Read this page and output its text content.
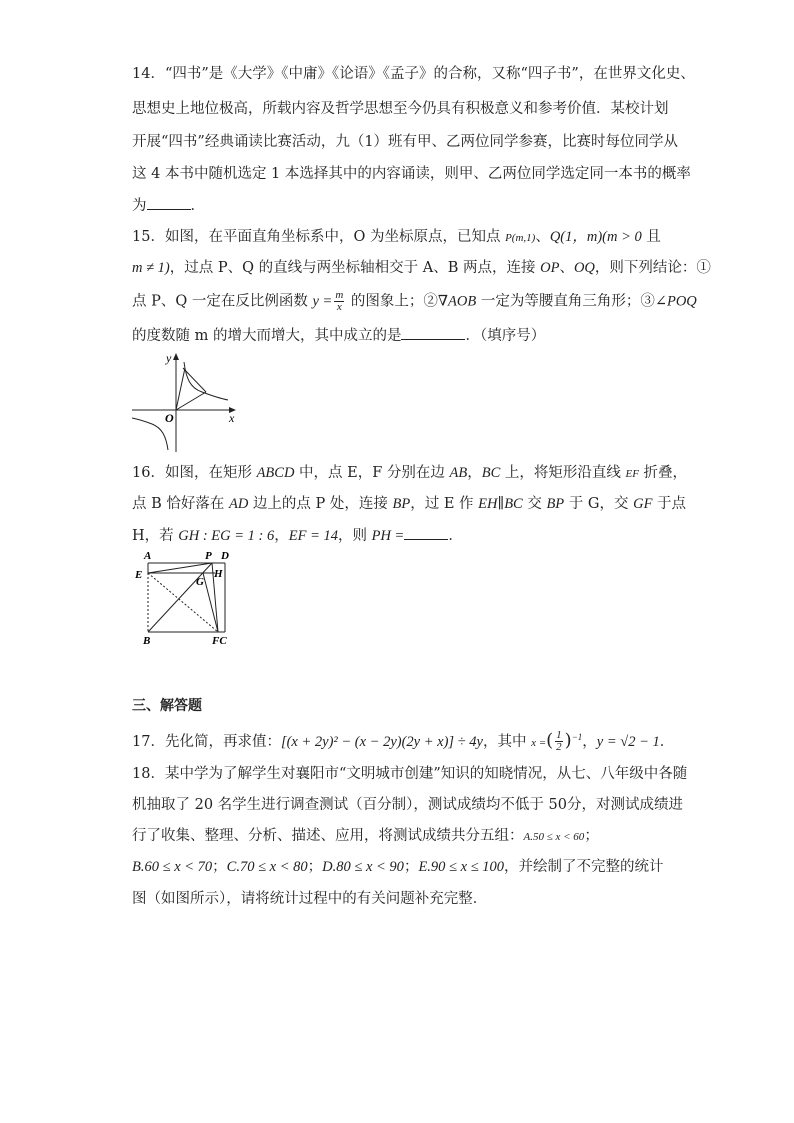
14．“四书”是《大学》《中庸》《论语》《孟子》的合称，又称“四子书”，在世界文化史、
思想史上地位极高，所载内容及哲学思想至今仍具有积极意义和参考价值．某校计划
开展“四书”经典诵读比赛活动，九（1）班有甲、乙两位同学参赛，比赛时每位同学从
这 4 本书中随机选定 1 本选择其中的内容诵读，则甲、乙两位同学选定同一本书的概率
为	．
15．如图，在平面直角坐标系中，O 为坐标原点，已知点 P(m,1)、Q(1，m)(m > 0 且
m ≠ 1)，过点 P、Q 的直线与两坐标轴相交于 A、B 两点，连接 OP、OQ，则下列结论：①
点 P、Q 一定在反比例函数 $y = \frac{m}{x}$ 的图象上；②∇AOB 一定为等腰直角三角形；③∠POQ
的度数随 m 的增大而增大，其中成立的是	．（填序号）
y
O	x
16．如图，在矩形 ABCD 中，点 E，F 分别在边 AB，BC 上，将矩形沿直线 EF 折叠，
点 B 恰好落在 AD 边上的点 P 处，连接 BP，过 E 作 EH∥BC 交 BP 于 G，交 GF 于点
H，若 GH : EG = 1 : 6，EF = 14，则 PH =	．
A	P D
E
G
H
B	FC
三、解答题
17．先化简，再求值：[(x + 2y)² − (x − 2y)(2y + x)] ÷ 4y，其中 x =( $\frac{1}{2} )^{-1}$，y = √2 − 1．
18．某中学为了解学生对襄阳市“文明城市创建”知识的知晓情况，从七、八年级中各随
机抽取了 20 名学生进行调查测试（百分制），测试成绩均不低于 50分，对测试成绩进
行了收集、整理、分析、描述、应用，将测试成绩共分五组：A.50 ≤ x < 60；
B.60 ≤ x < 70；C.70 ≤ x < 80；D.80 ≤ x < 90；E.90 ≤ x ≤ 100，并绘制了不完整的统计
图（如图所示），请将统计过程中的有关问题补充完整．
